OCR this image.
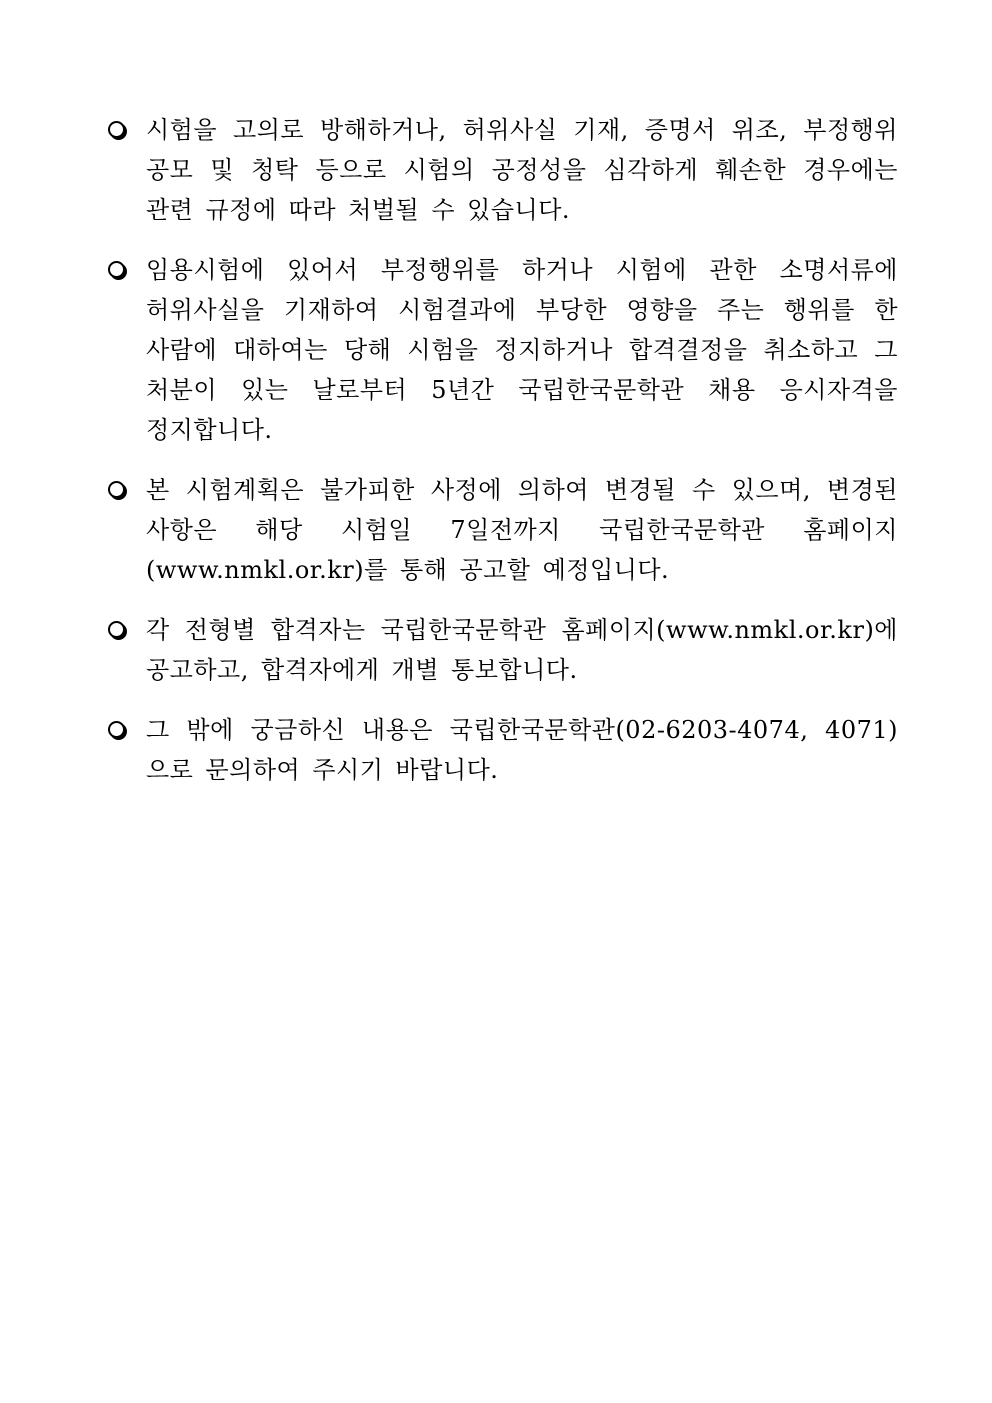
시험을 고의로 방해하거나, 허위사실 기재, 증명서 위조, 부정행위 공모 및 청탁 등으로 시험의 공정성을 심각하게 훼손한 경우에는 관련 규정에 따라 처벌될 수 있습니다.
임용시험에 있어서 부정행위를 하거나 시험에 관한 소명서류에 허위사실을 기재하여 시험결과에 부당한 영향을 주는 행위를 한 사람에 대하여는 당해 시험을 정지하거나 합격결정을 취소하고 그 처분이 있는 날로부터 5년간 국립한국문학관 채용 응시자격을 정지합니다.
본 시험계획은 불가피한 사정에 의하여 변경될 수 있으며, 변경된 사항은 해당 시험일 7일전까지 국립한국문학관 홈페이지 (www.nmkl.or.kr)를 통해 공고할 예정입니다.
각 전형별 합격자는 국립한국문학관 홈페이지(www.nmkl.or.kr)에 공고하고, 합격자에게 개별 통보합니다.
그 밖에 궁금하신 내용은 국립한국문학관(02-6203-4074, 4071)으로 문의하여 주시기 바랍니다.
